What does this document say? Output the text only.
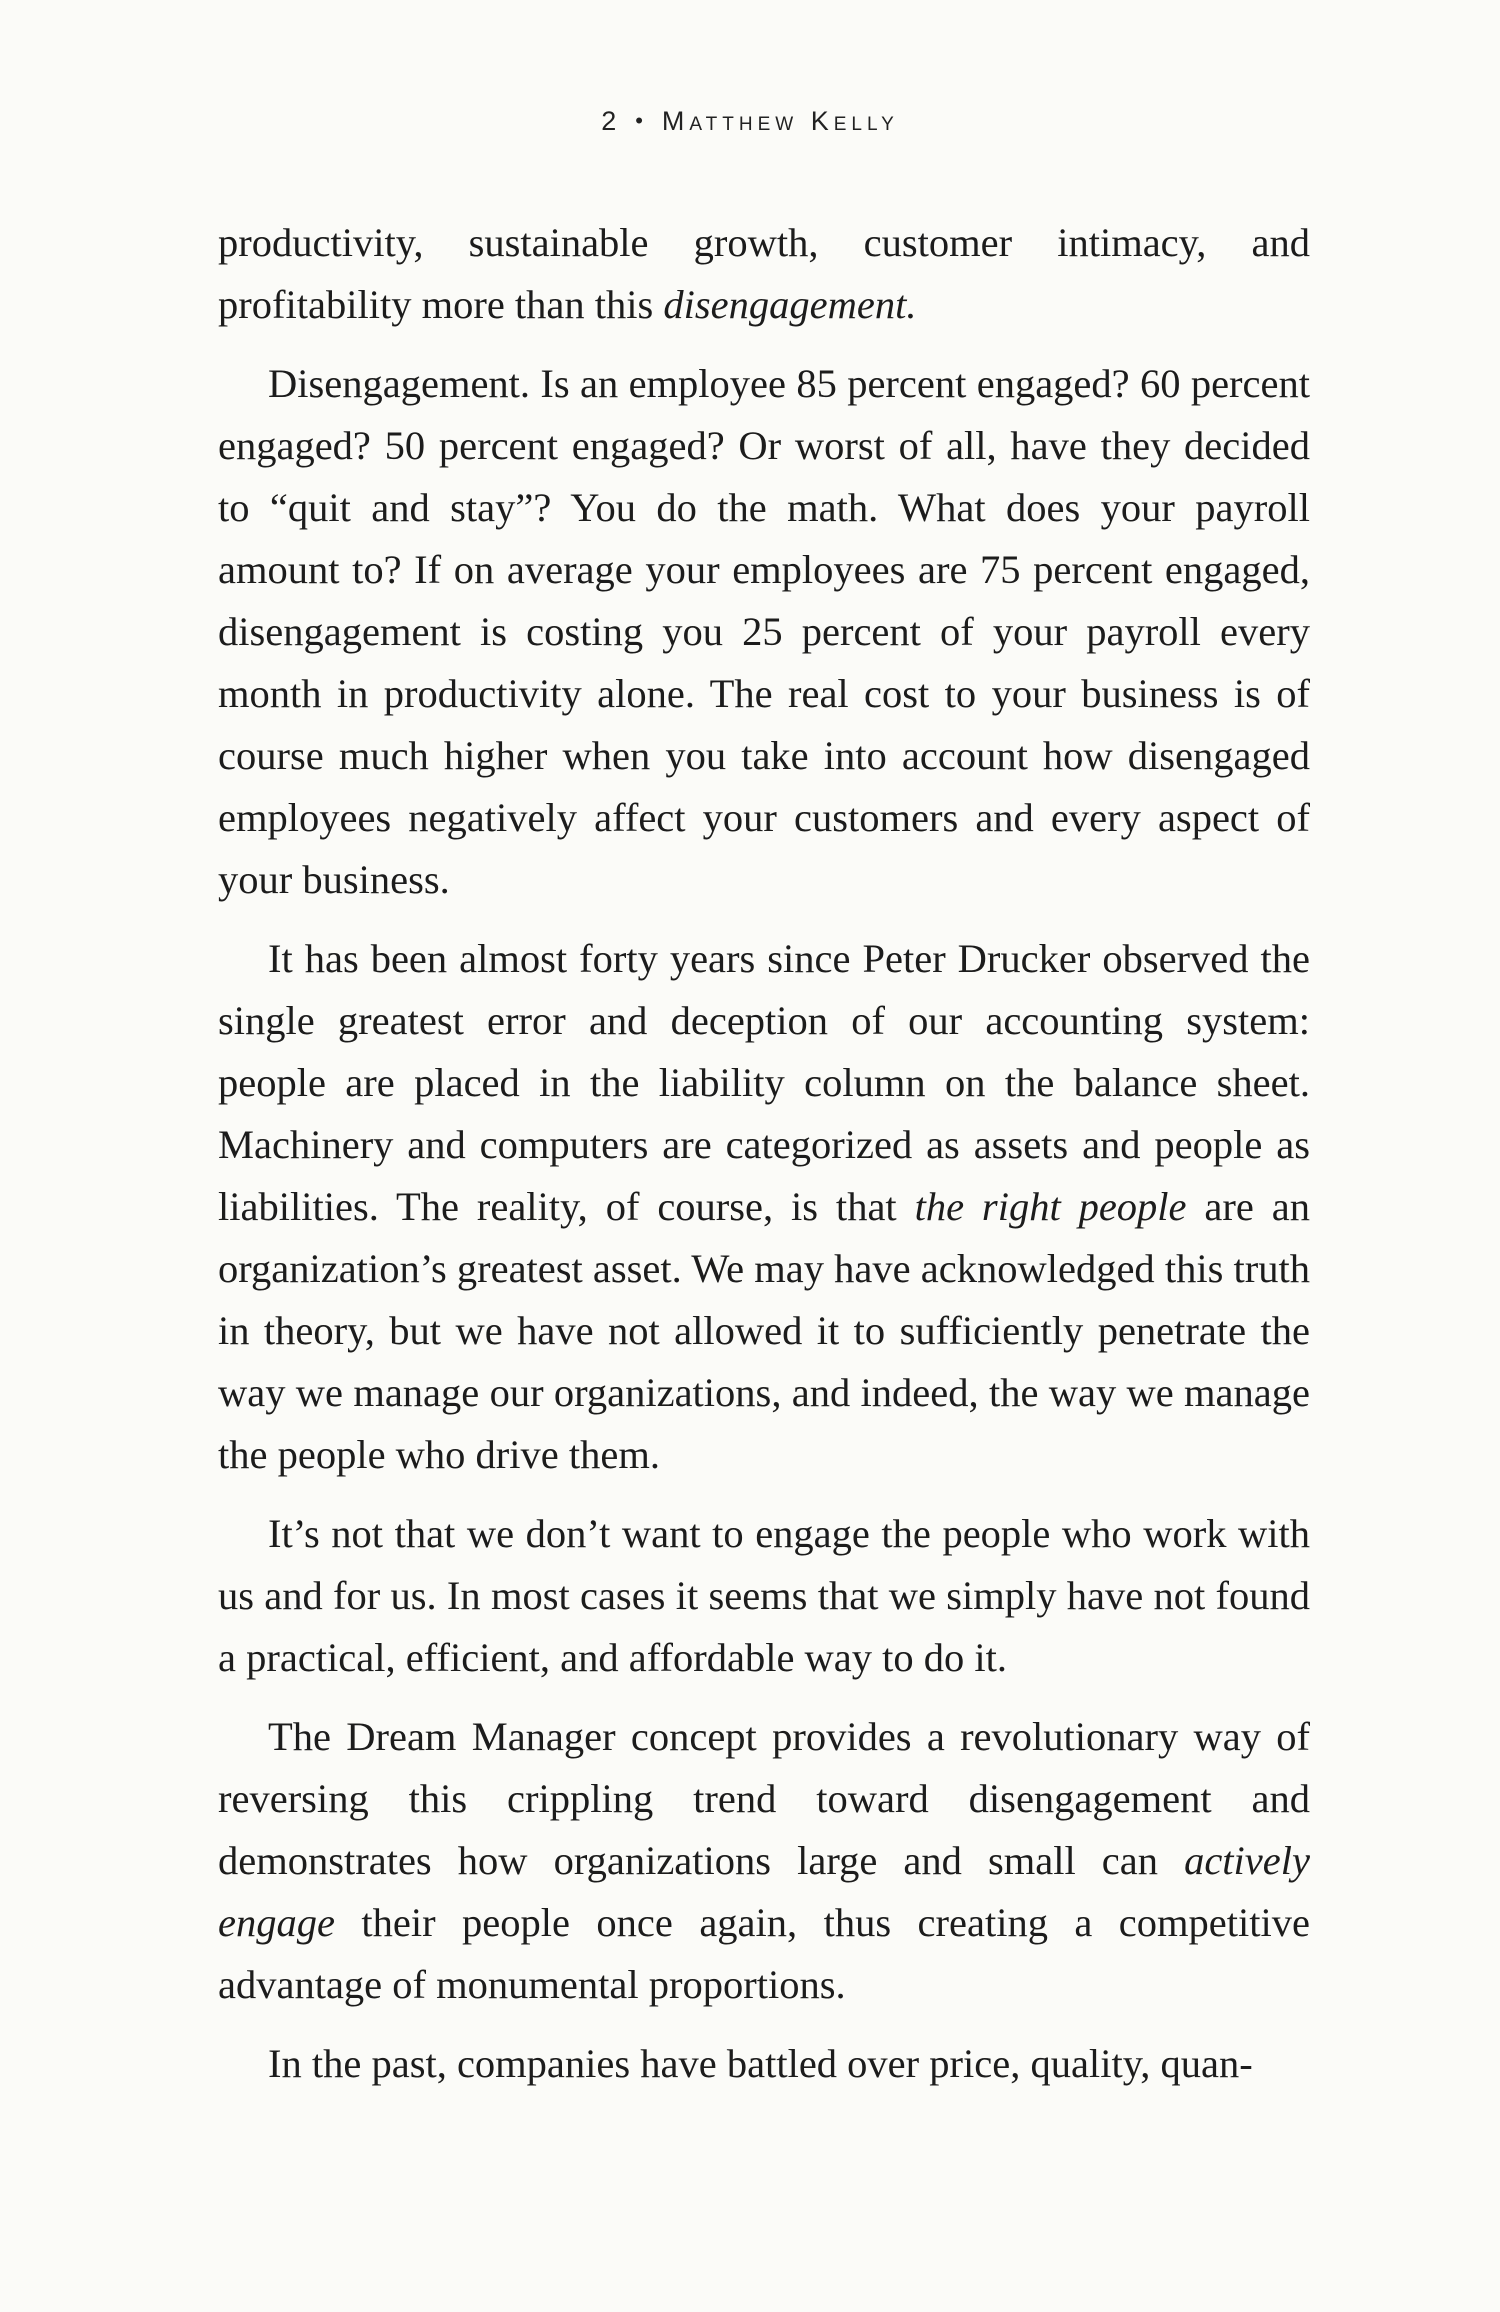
2 • Matthew Kelly

productivity, sustainable growth, customer intimacy, and profitability more than this disengagement.

Disengagement. Is an employee 85 percent engaged? 60 percent engaged? 50 percent engaged? Or worst of all, have they decided to “quit and stay”? You do the math. What does your payroll amount to? If on average your employees are 75 percent engaged, disengagement is costing you 25 percent of your payroll every month in productivity alone. The real cost to your business is of course much higher when you take into account how disengaged employees negatively affect your customers and every aspect of your business.

It has been almost forty years since Peter Drucker observed the single greatest error and deception of our accounting system: people are placed in the liability column on the balance sheet. Machinery and computers are categorized as assets and people as liabilities. The reality, of course, is that the right people are an organization’s greatest asset. We may have acknowledged this truth in theory, but we have not allowed it to sufficiently penetrate the way we manage our organizations, and indeed, the way we manage the people who drive them.

It’s not that we don’t want to engage the people who work with us and for us. In most cases it seems that we simply have not found a practical, efficient, and affordable way to do it.

The Dream Manager concept provides a revolutionary way of reversing this crippling trend toward disengagement and demonstrates how organizations large and small can actively engage their people once again, thus creating a competitive advantage of monumental proportions.

In the past, companies have battled over price, quality, quan-
